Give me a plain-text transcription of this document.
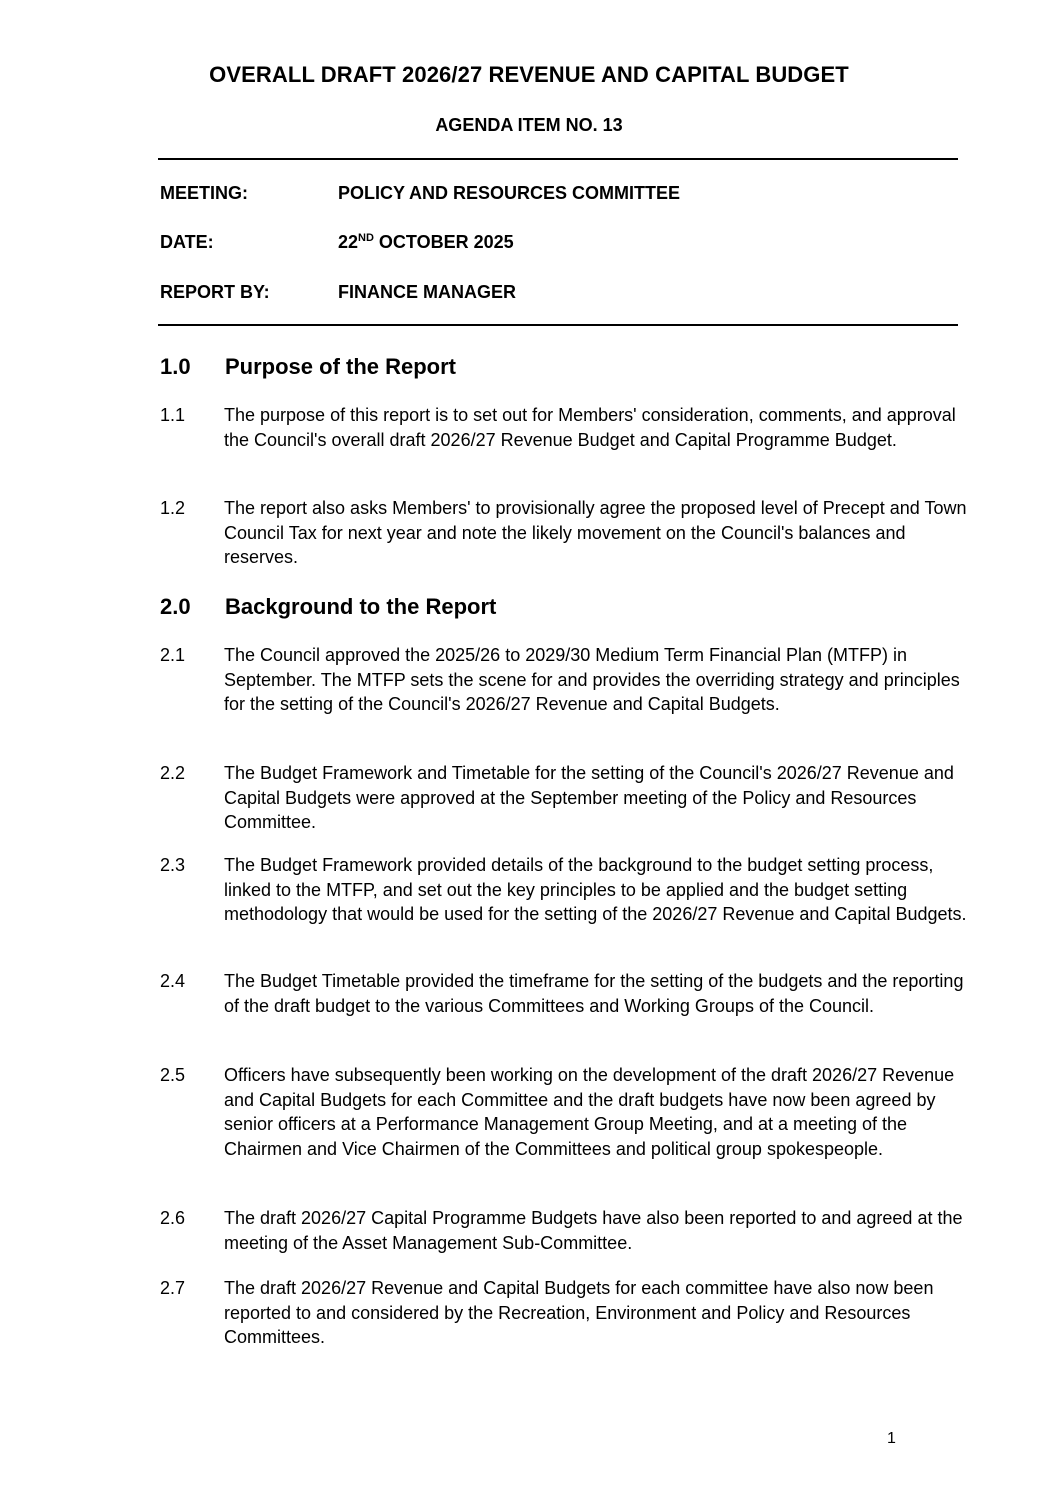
OVERALL DRAFT 2026/27 REVENUE AND CAPITAL BUDGET
AGENDA ITEM NO. 13
MEETING:	POLICY AND RESOURCES COMMITTEE
DATE:	22ND OCTOBER 2025
REPORT BY:	FINANCE MANAGER
1.0 Purpose of the Report
1.1	The purpose of this report is to set out for Members' consideration, comments, and approval the Council's overall draft 2026/27 Revenue Budget and Capital Programme Budget.
1.2	The report also asks Members' to provisionally agree the proposed level of Precept and Town Council Tax for next year and note the likely movement on the Council's balances and reserves.
2.0 Background to the Report
2.1	The Council approved the 2025/26 to 2029/30 Medium Term Financial Plan (MTFP) in September. The MTFP sets the scene for and provides the overriding strategy and principles for the setting of the Council's 2026/27 Revenue and Capital Budgets.
2.2	The Budget Framework and Timetable for the setting of the Council's 2026/27 Revenue and Capital Budgets were approved at the September meeting of the Policy and Resources Committee.
2.3	The Budget Framework provided details of the background to the budget setting process, linked to the MTFP, and set out the key principles to be applied and the budget setting methodology that would be used for the setting of the 2026/27 Revenue and Capital Budgets.
2.4	The Budget Timetable provided the timeframe for the setting of the budgets and the reporting of the draft budget to the various Committees and Working Groups of the Council.
2.5	Officers have subsequently been working on the development of the draft 2026/27 Revenue and Capital Budgets for each Committee and the draft budgets have now been agreed by senior officers at a Performance Management Group Meeting, and at a meeting of the Chairmen and Vice Chairmen of the Committees and political group spokespeople.
2.6	The draft 2026/27 Capital Programme Budgets have also been reported to and agreed at the meeting of the Asset Management Sub-Committee.
2.7	The draft 2026/27 Revenue and Capital Budgets for each committee have also now been reported to and considered by the Recreation, Environment and Policy and Resources Committees.
1
